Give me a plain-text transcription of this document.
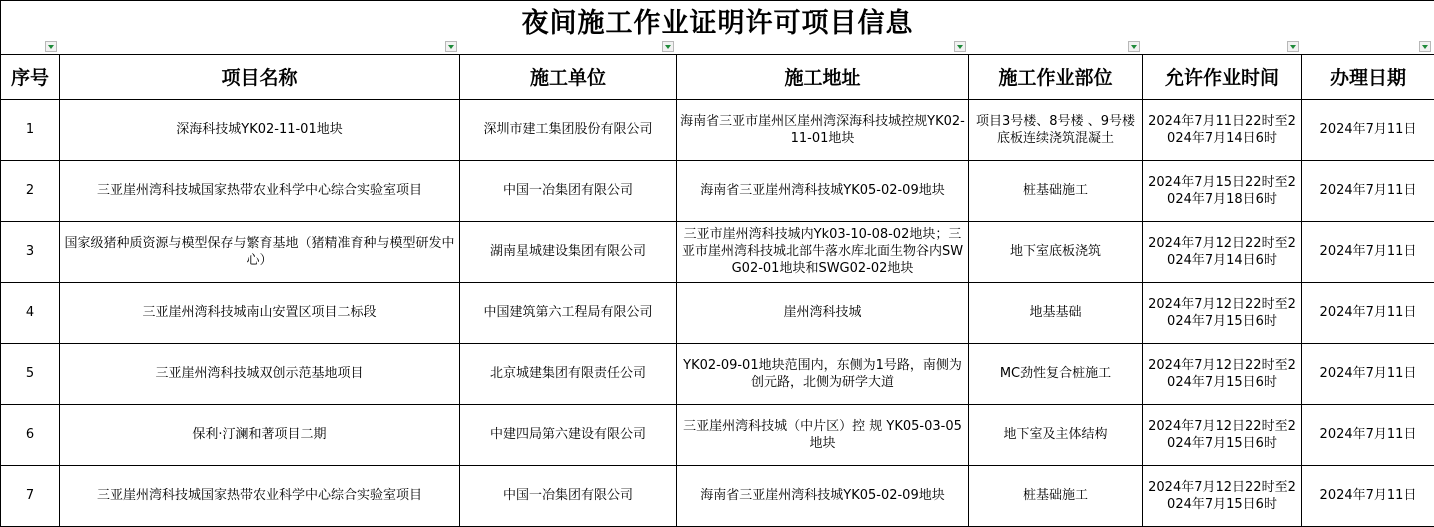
夜间施工作业证明许可项目信息						

序号	项目名称	施工单位	施工地址	施工作业部位	允许作业时间	办理日期
1	深海科技城YK02-11-01地块	深圳市建工集团股份有限公司	海南省三亚市崖州区崖州湾深海科技城控规YK02-11-01地块	项目3号楼、8号楼 、9号楼底板连续浇筑混凝土	2024年7月11日22时至2024年7月14日6时	2024年7月11日
2	三亚崖州湾科技城国家热带农业科学中心综合实验室项目	中国一冶集团有限公司	海南省三亚崖州湾科技城YK05-02-09地块	桩基础施工	2024年7月15日22时至2024年7月18日6时	2024年7月11日
3	国家级猪种质资源与模型保存与繁育基地（猪精准育种与模型研发中心）	湖南星城建设集团有限公司	三亚市崖州湾科技城内Yk03-10-08-02地块；三亚市崖州湾科技城北部牛落水库北面生物谷内SWG02-01地块和SWG02-02地块	地下室底板浇筑	2024年7月12日22时至2024年7月14日6时	2024年7月11日
4	三亚崖州湾科技城南山安置区项目二标段	中国建筑第六工程局有限公司	崖州湾科技城	地基基础	2024年7月12日22时至2024年7月15日6时	2024年7月11日
5	三亚崖州湾科技城双创示范基地项目	北京城建集团有限责任公司	YK02-09-01地块范围内，东侧为1号路，南侧为创元路，北侧为研学大道	MC劲性复合桩施工	2024年7月12日22时至2024年7月15日6时	2024年7月11日
6	保利·汀澜和著项目二期	中建四局第六建设有限公司	三亚崖州湾科技城（中片区）控 规 YK05-03-05 地块	地下室及主体结构	2024年7月12日22时至2024年7月15日6时	2024年7月11日
7	三亚崖州湾科技城国家热带农业科学中心综合实验室项目	中国一冶集团有限公司	海南省三亚崖州湾科技城YK05-02-09地块	桩基础施工	2024年7月12日22时至2024年7月15日6时	2024年7月11日
